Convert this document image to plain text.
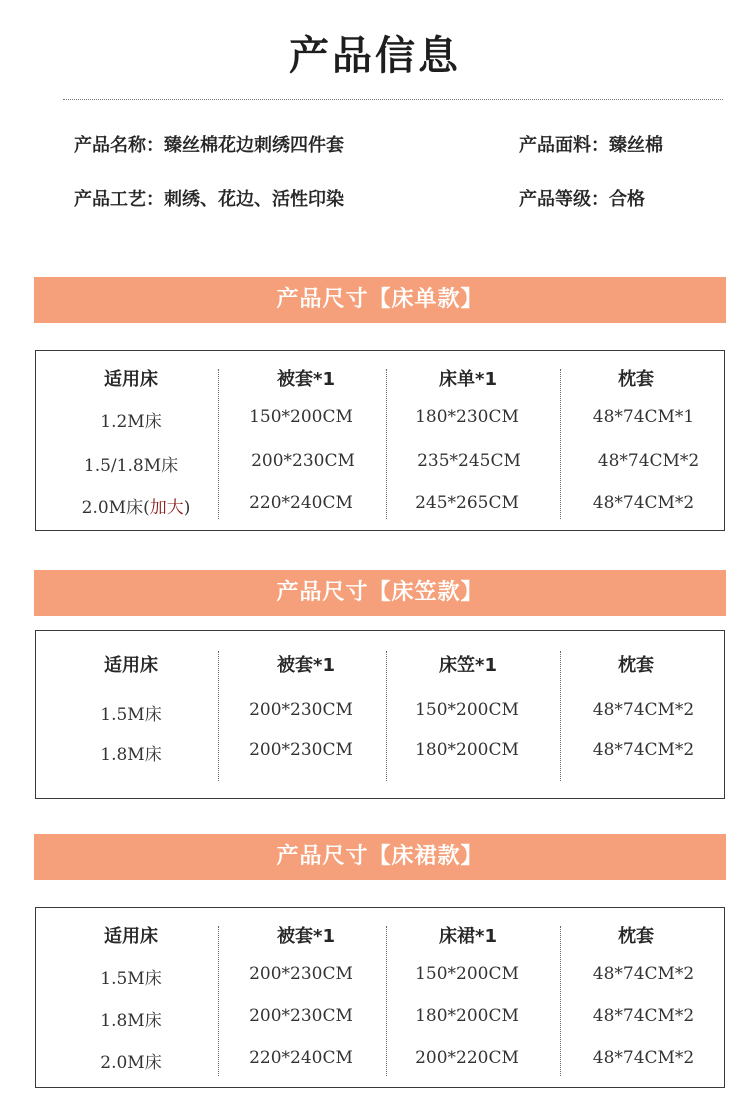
产品信息
产品名称：臻丝棉花边刺绣四件套	产品面料：臻丝棉
产品工艺：刺绣、花边、活性印染	产品等级：合格
产品尺寸【床单款】
适用床	被套*1	床单*1	枕套
1.2M床	150*200CM	180*230CM	48*74CM*1
1.5/1.8M床	200*230CM	235*245CM	48*74CM*2
2.0M床(加大)	220*240CM	245*265CM	48*74CM*2
产品尺寸【床笠款】
适用床	被套*1	床笠*1	枕套
1.5M床	200*230CM	150*200CM	48*74CM*2
1.8M床	200*230CM	180*200CM	48*74CM*2
产品尺寸【床裙款】
适用床	被套*1	床裙*1	枕套
1.5M床	200*230CM	150*200CM	48*74CM*2
1.8M床	200*230CM	180*200CM	48*74CM*2
2.0M床	220*240CM	200*220CM	48*74CM*2
